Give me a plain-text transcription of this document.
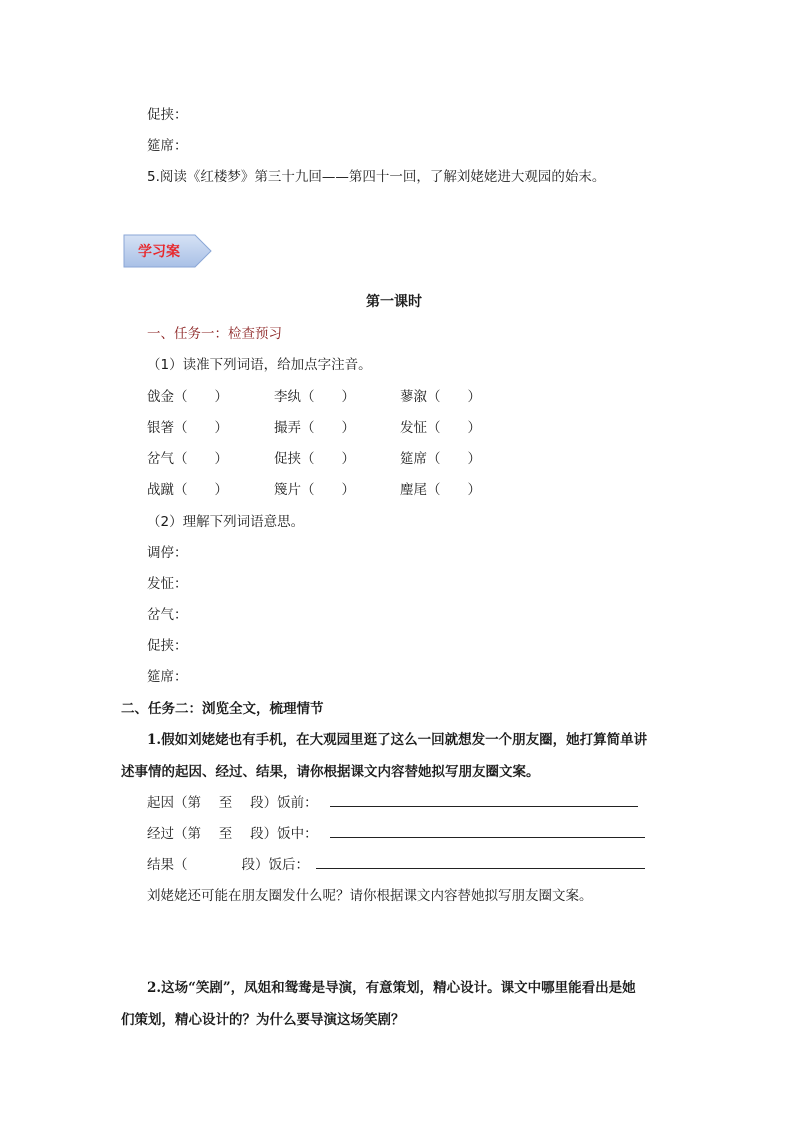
促挟：
筵席：
5.阅读《红楼梦》第三十九回——第四十一回，了解刘姥姥进大观园的始末。
学习案
第一课时
一、任务一：检查预习
（1）读准下列词语，给加点字注音。
戗金（　　）	李纨（　　）	蓼溆（　　）
银箸（　　）	撮弄（　　）	发怔（　　）
岔气（　　）	促挟（　　）	筵席（　　）
战蹴（　　）	篾片（　　）	麈尾（　　）
（2）理解下列词语意思。
调停：
发怔：
岔气：
促挟：
筵席：
二、任务二：浏览全文，梳理情节
1.假如刘姥姥也有手机，在大观园里逛了这么一回就想发一个朋友圈，她打算简单讲
述事情的起因、经过、结果，请你根据课文内容替她拟写朋友圈文案。
起因（第　 至　 段）饭前：
经过（第　 至　 段）饭中：
结果（　　　　段）饭后：
刘姥姥还可能在朋友圈发什么呢？请你根据课文内容替她拟写朋友圈文案。
2.这场“笑剧”，凤姐和鸳鸯是导演，有意策划，精心设计。课文中哪里能看出是她
们策划，精心设计的？为什么要导演这场笑剧？
